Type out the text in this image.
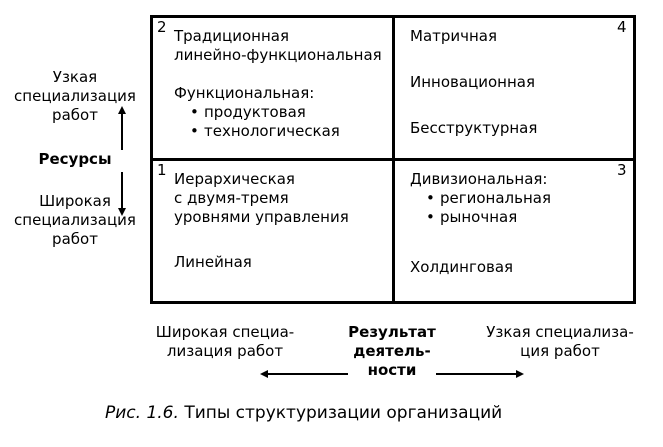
2 Традиционная
линейно-функциональная
Функциональная:
• продуктовая
• технологическая
4
Матричная
Инновационная
Бесструктурная
1 Иерархическая
с двумя-тремя
уровнями управления
Линейная
3
Дивизиональная:
• региональная
• рыночная
Холдинговая
Узкая
специализация
работ
Ресурсы
Широкая
специализация
работ
Широкая специа-
лизация работ
Результат
деятель-
ности
Узкая специализа-
ция работ
Рис. 1.6. Типы структуризации организаций
